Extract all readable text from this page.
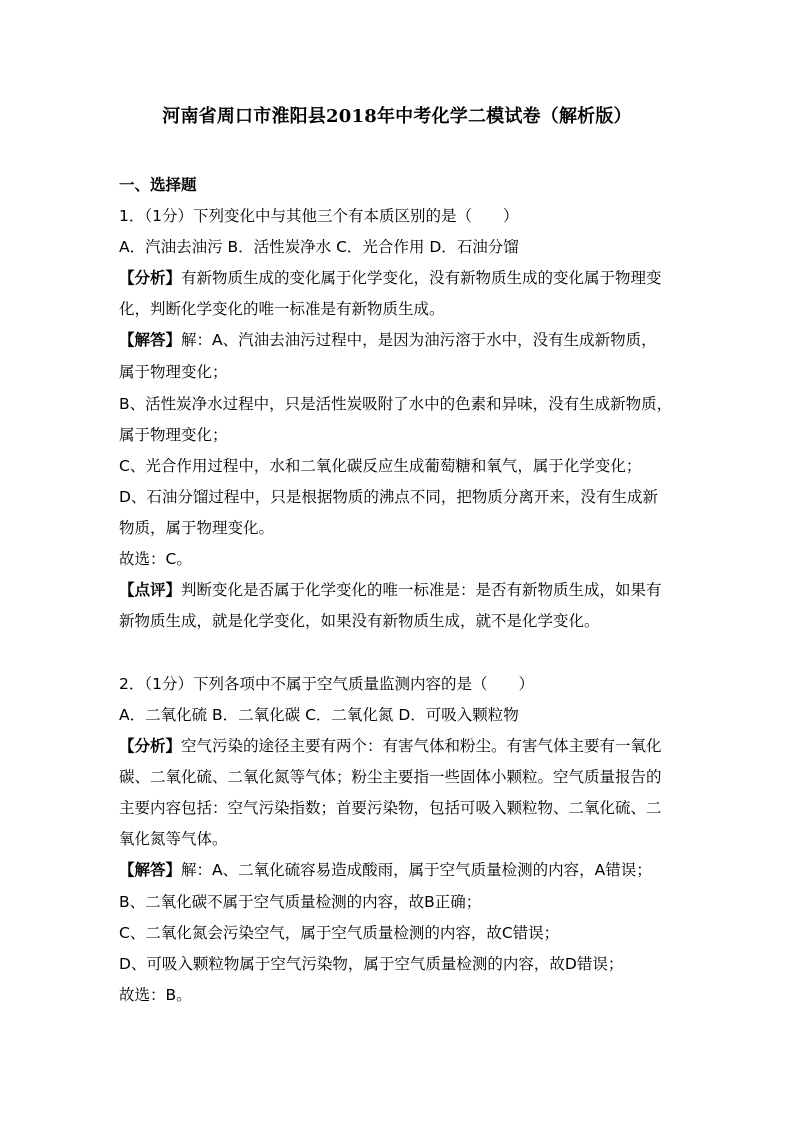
河南省周口市淮阳县2018年中考化学二模试卷（解析版）
一、选择题
1．（1分）下列变化中与其他三个有本质区别的是（　　）
A．汽油去油污 B．活性炭净水 C．光合作用 D．石油分馏
【分析】有新物质生成的变化属于化学变化，没有新物质生成的变化属于物理变
化，判断化学变化的唯一标准是有新物质生成。
【解答】解：A、汽油去油污过程中，是因为油污溶于水中，没有生成新物质，
属于物理变化；
B、活性炭净水过程中，只是活性炭吸附了水中的色素和异味，没有生成新物质，
属于物理变化；
C、光合作用过程中，水和二氧化碳反应生成葡萄糖和氧气，属于化学变化；
D、石油分馏过程中，只是根据物质的沸点不同，把物质分离开来，没有生成新
物质，属于物理变化。
故选：C。
【点评】判断变化是否属于化学变化的唯一标准是：是否有新物质生成，如果有
新物质生成，就是化学变化，如果没有新物质生成，就不是化学变化。
2．（1分）下列各项中不属于空气质量监测内容的是（　　）
A．二氧化硫 B．二氧化碳 C．二氧化氮 D．可吸入颗粒物
【分析】空气污染的途径主要有两个：有害气体和粉尘。有害气体主要有一氧化
碳、二氧化硫、二氧化氮等气体；粉尘主要指一些固体小颗粒。空气质量报告的
主要内容包括：空气污染指数；首要污染物，包括可吸入颗粒物、二氧化硫、二
氧化氮等气体。
【解答】解：A、二氧化硫容易造成酸雨，属于空气质量检测的内容，A错误；
B、二氧化碳不属于空气质量检测的内容，故B正确；
C、二氧化氮会污染空气，属于空气质量检测的内容，故C错误；
D、可吸入颗粒物属于空气污染物，属于空气质量检测的内容，故D错误；
故选：B。
